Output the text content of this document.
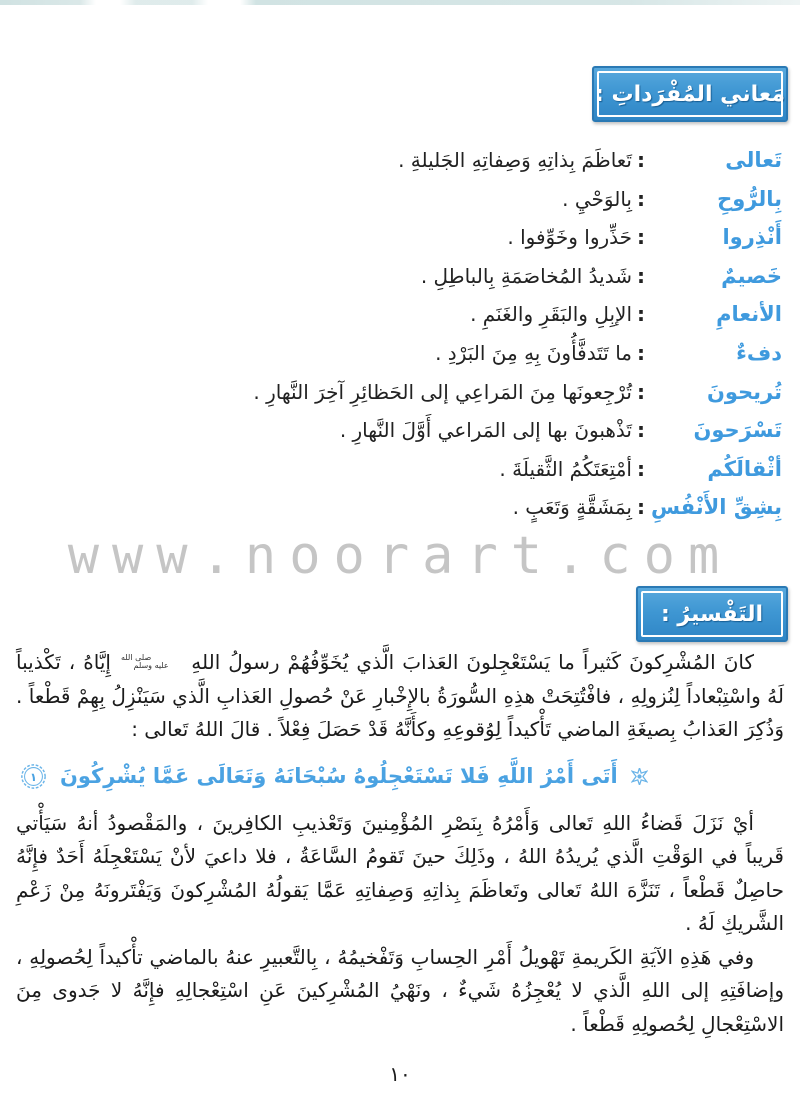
مَعاني المُفْرَداتِ :
تَعالى
:
تَعاظَمَ بِذاتِهِ وَصِفاتِهِ الجَليلةِ .
بِالرُّوحِ
:
بِالوَحْيِ .
أَنْذِروا
:
حَذِّروا وخَوِّفوا .
خَصيمٌ
:
شَديدُ المُخاصَمَةِ بِالباطِلِ .
الأنعامِ
:
الإبِلِ والبَقَرِ والغَنَمِ .
دفءٌ
:
ما تَتَدفَّأُونَ بِهِ مِنَ البَرْدِ .
تُريحونَ
:
تُرْجِعونَها مِنَ المَراعِي إلى الحَظائِرِ آخِرَ النَّهارِ .
تَسْرَحونَ
:
تَذْهبونَ بها إلى المَراعي أَوَّلَ النَّهارِ .
أثْقالَكُم
:
أمْتِعَتَكُمُ الثَّقيلَةَ .
بِشِقِّ الأَنْفُسِ
:
بِمَشَقَّةٍ وَتَعَبٍ .
www.noorart.com
التَفْسيرُ :

كانَ المُشْرِكونَ كَثيراً ما يَسْتَعْجِلونَ العَذابَ الَّذي يُخَوِّفُهُمْ رسولُ اللهِ صلى الله
عليه وسلم إِيَّاهُ ، تَكْذيباً لَهُ واسْتِبْعاداً لِنُزولِهِ ، فافْتُتِحَتْ هذِهِ السُّورَةُ بالإِخْبارِ عَنْ حُصولِ العَذابِ الَّذي سَيَنْزِلُ بِهِمْ قَطْعاً . وَذُكِرَ العَذابُ بِصيغَةِ الماضي تَأْكيداً لِوُقوعِهِ وكأَنَّهُ قَدْ حَصَلَ فِعْلاً . قالَ اللهُ تَعالى :

أَتَى أَمْرُ اللَّهِ فَلا تَسْتَعْجِلُوهُ سُبْحَانَهُ وَتَعَالَى عَمَّا يُشْرِكُونَ
١

أيْ نَزَلَ قَضاءُ اللهِ تَعالى وَأَمْرُهُ بِنَصْرِ المُؤْمِنينَ وَتَعْذيبِ الكافِرينَ ، والمَقْصودُ أنهُ سَيَأْتي قَريباً في الوَقْتِ الَّذي يُريدُهُ اللهُ ، وذَلِكَ حينَ تَقومُ السَّاعَةُ ، فلا داعيَ لأنْ يَسْتَعْجِلَهُ أَحَدٌ فإِنَّهُ حاصِلٌ قَطْعاً ، تَنَزَّهَ اللهُ تَعالى وتَعاظَمَ بِذاتِهِ وَصِفاتِهِ عَمَّا يَقولُهُ المُشْرِكونَ وَيَفْتَرونَهُ مِنْ زَعْمِ الشَّريكِ لَهُ .

وفي هَذِهِ الآيَةِ الكَريمةِ تَهْويلُ أَمْرِ الحِسابِ وَتَفْخيمُهُ ، بِالتَّعبيرِ عنهُ بالماضي تأْكيداً لِحُصولِهِ ، وإضافَتِهِ إلى اللهِ الَّذي لا يُعْجِزُهُ شَيءٌ ، ونَهْيُ المُشْرِكينَ عَنِ اسْتِعْجالِهِ فإِنَّهُ لا جَدوى مِنَ الاسْتِعْجالِ لِحُصولِهِ قَطْعاً .

١٠
